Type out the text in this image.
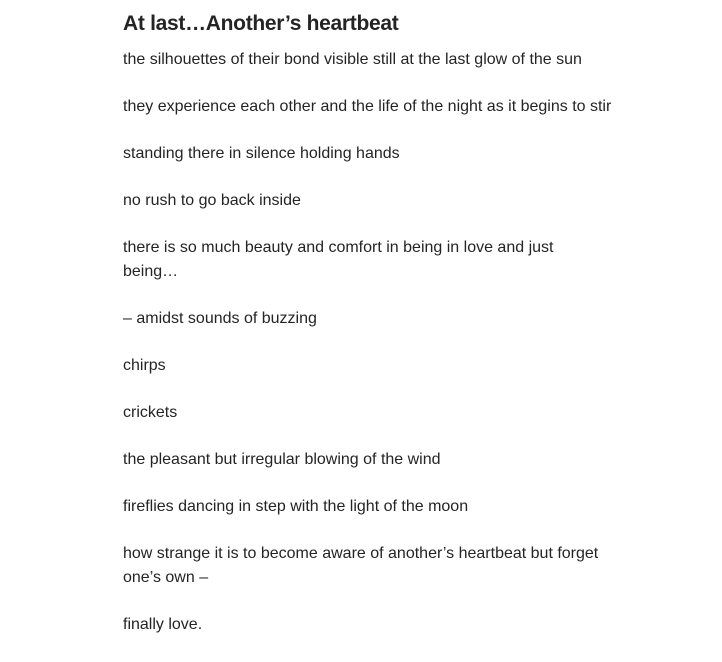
At last…Another’s heartbeat

the silhouettes of their bond visible still at the last glow of the sun

they experience each other and the life of the night as it begins to stir

standing there in silence holding hands

no rush to go back inside

there is so much beauty and comfort in being in love and just being…

– amidst sounds of buzzing

chirps

crickets

the pleasant but irregular blowing of the wind

fireflies dancing in step with the light of the moon

how strange it is to become aware of another’s heartbeat but forget one’s own –

finally love.
